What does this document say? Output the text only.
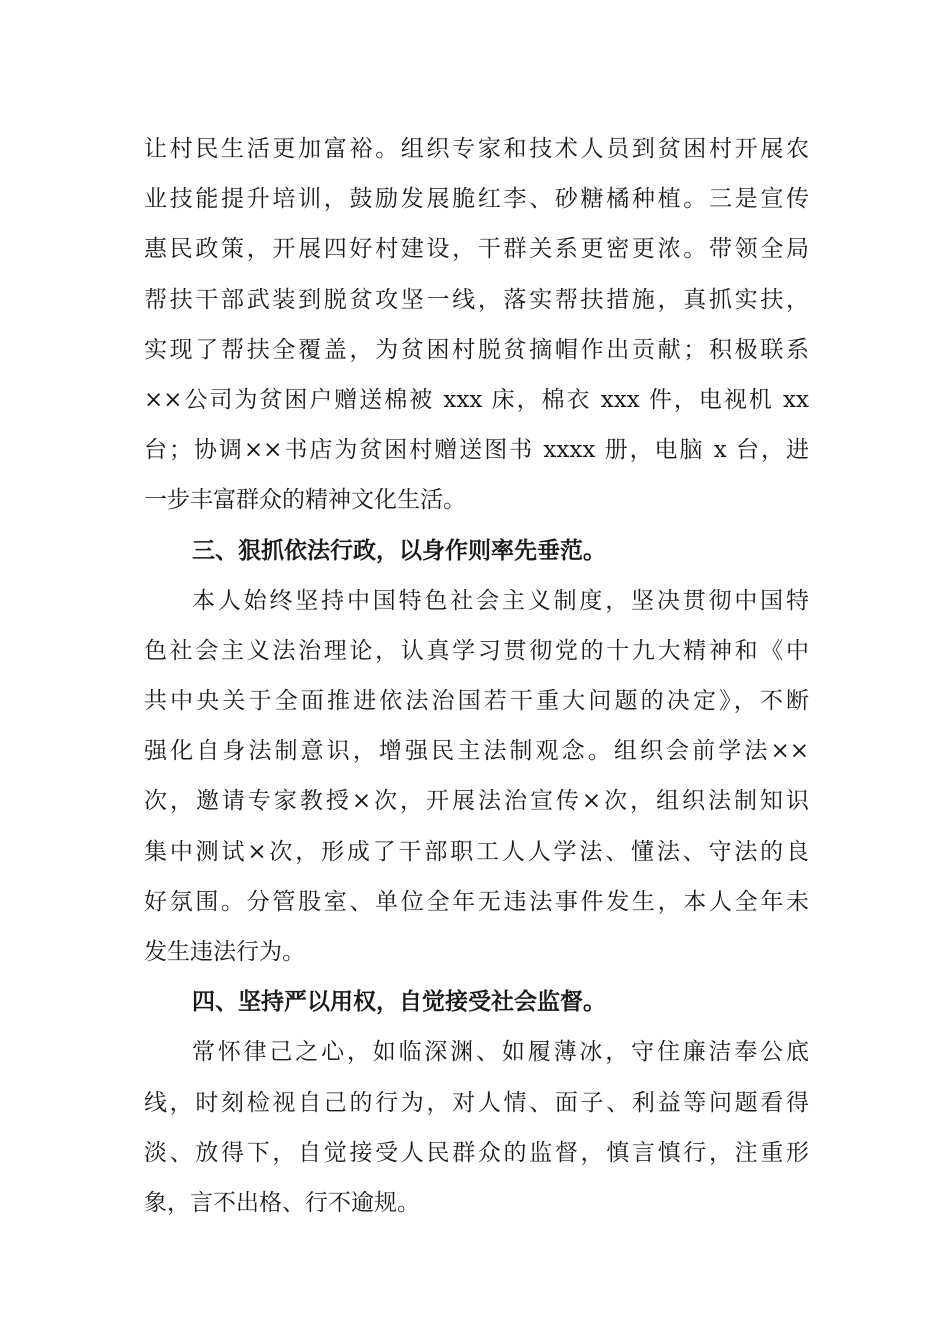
让村民生活更加富裕。组织专家和技术人员到贫困村开展农
业技能提升培训，鼓励发展脆红李、砂糖橘种植。三是宣传
惠民政策，开展四好村建设，干群关系更密更浓。带领全局
帮扶干部武装到脱贫攻坚一线，落实帮扶措施，真抓实扶，
实现了帮扶全覆盖，为贫困村脱贫摘帽作出贡献；积极联系
××公司为贫困户赠送棉被 xxx 床，棉衣 xxx 件，电视机 xx
台；协调××书店为贫困村赠送图书 xxxx 册，电脑 x 台，进
一步丰富群众的精神文化生活。
三、狠抓依法行政，以身作则率先垂范。
本人始终坚持中国特色社会主义制度，坚决贯彻中国特
色社会主义法治理论，认真学习贯彻党的十九大精神和《中
共中央关于全面推进依法治国若干重大问题的决定》，不断
强化自身法制意识，增强民主法制观念。组织会前学法××
次，邀请专家教授×次，开展法治宣传×次，组织法制知识
集中测试×次，形成了干部职工人人学法、懂法、守法的良
好氛围。分管股室、单位全年无违法事件发生，本人全年未
发生违法行为。
四、坚持严以用权，自觉接受社会监督。
常怀律己之心，如临深渊、如履薄冰，守住廉洁奉公底
线，时刻检视自己的行为，对人情、面子、利益等问题看得
淡、放得下，自觉接受人民群众的监督，慎言慎行，注重形
象，言不出格、行不逾规。
